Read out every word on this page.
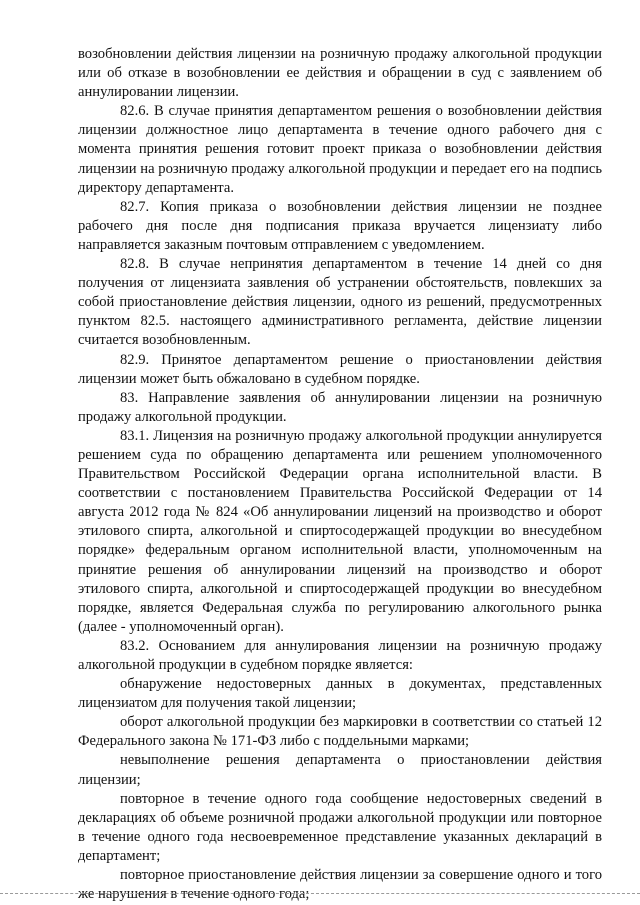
возобновлении действия лицензии на розничную продажу алкогольной продукции или об отказе в возобновлении ее действия и обращении в суд с заявлением об аннулировании лицензии.

82.6. В случае принятия департаментом решения о возобновлении действия лицензии должностное лицо департамента в течение одного рабочего дня с момента принятия решения готовит проект приказа о возобновлении действия лицензии на розничную продажу алкогольной продукции и передает его на подпись директору департамента.

82.7. Копия приказа о возобновлении действия лицензии не позднее рабочего дня после дня подписания приказа вручается лицензиату либо направляется заказным почтовым отправлением с уведомлением.

82.8. В случае непринятия департаментом в течение 14 дней со дня получения от лицензиата заявления об устранении обстоятельств, повлекших за собой приостановление действия лицензии, одного из решений, предусмотренных пунктом 82.5. настоящего административного регламента, действие лицензии считается возобновленным.

82.9. Принятое департаментом решение о приостановлении действия лицензии может быть обжаловано в судебном порядке.

83. Направление заявления об аннулировании лицензии на розничную продажу алкогольной продукции.

83.1. Лицензия на розничную продажу алкогольной продукции аннулируется решением суда по обращению департамента или решением уполномоченного Правительством Российской Федерации органа исполнительной власти. В соответствии с постановлением Правительства Российской Федерации от 14 августа 2012 года № 824 «Об аннулировании лицензий на производство и оборот этилового спирта, алкогольной и спиртосодержащей продукции во внесудебном порядке» федеральным органом исполнительной власти, уполномоченным на принятие решения об аннулировании лицензий на производство и оборот этилового спирта, алкогольной и спиртосодержащей продукции во внесудебном порядке, является Федеральная служба по регулированию алкогольного рынка (далее - уполномоченный орган).

83.2. Основанием для аннулирования лицензии на розничную продажу алкогольной продукции в судебном порядке является:

обнаружение недостоверных данных в документах, представленных лицензиатом для получения такой лицензии;

оборот алкогольной продукции без маркировки в соответствии со статьей 12 Федерального закона № 171-ФЗ либо с поддельными марками;

невыполнение решения департамента о приостановлении действия лицензии;

повторное в течение одного года сообщение недостоверных сведений в декларациях об объеме розничной продажи алкогольной продукции или повторное в течение одного года несвоевременное представление указанных деклараций в департамент;

повторное приостановление действия лицензии за совершение одного и того же нарушения в течение одного года;
